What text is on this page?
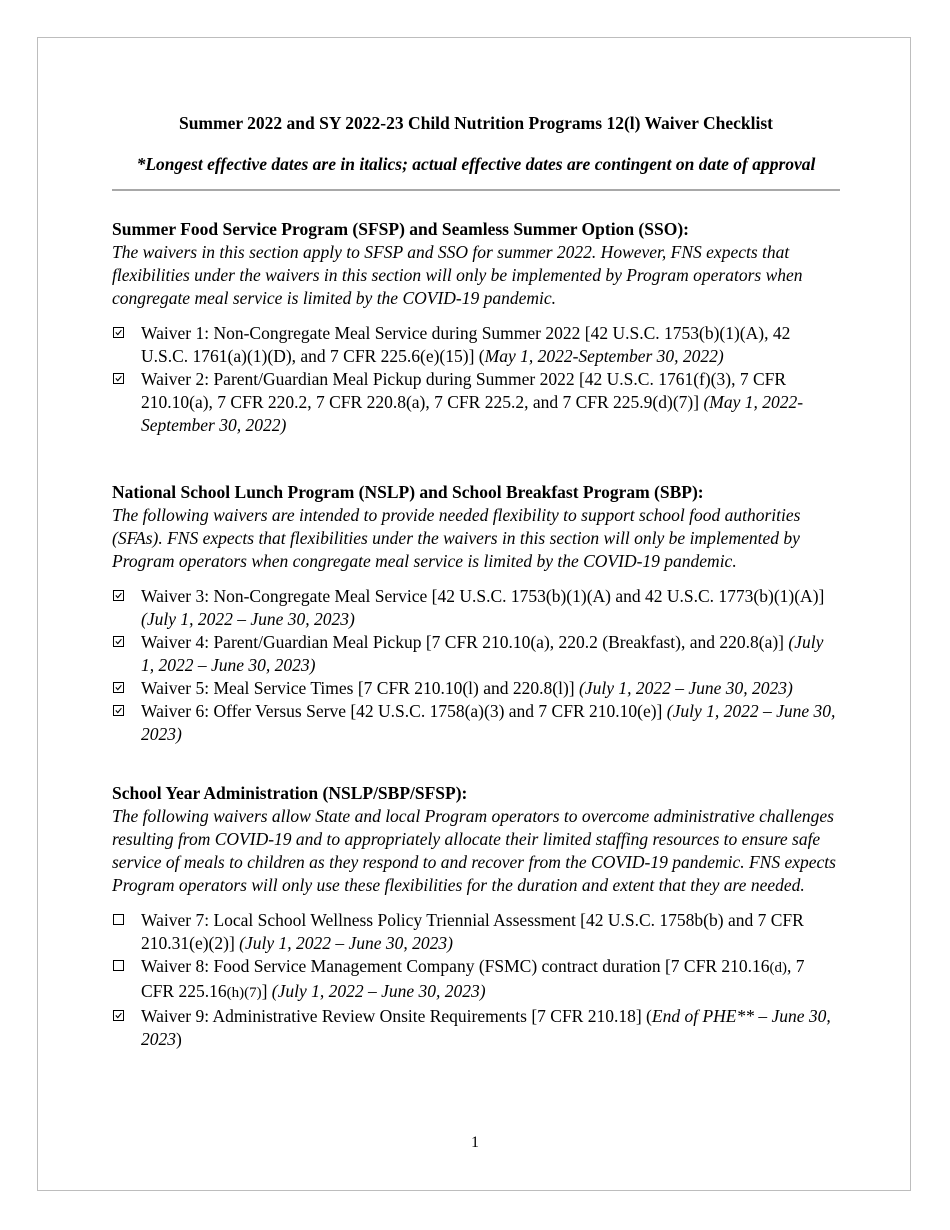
Summer 2022 and SY 2022-23 Child Nutrition Programs 12(l) Waiver Checklist

*Longest effective dates are in italics; actual effective dates are contingent on date of approval

Summer Food Service Program (SFSP) and Seamless Summer Option (SSO):

The waivers in this section apply to SFSP and SSO for summer 2022. However, FNS expects that flexibilities under the waivers in this section will only be implemented by Program operators when congregate meal service is limited by the COVID-19 pandemic.

Waiver 1: Non-Congregate Meal Service during Summer 2022 [42 U.S.C. 1753(b)(1)(A), 42 U.S.C. 1761(a)(1)(D), and 7 CFR 225.6(e)(15)] (May 1, 2022-September 30, 2022)
Waiver 2: Parent/Guardian Meal Pickup during Summer 2022 [42 U.S.C. 1761(f)(3), 7 CFR 210.10(a), 7 CFR 220.2, 7 CFR 220.8(a), 7 CFR 225.2, and 7 CFR 225.9(d)(7)] (May 1, 2022-September 30, 2022)
National School Lunch Program (NSLP) and School Breakfast Program (SBP):

The following waivers are intended to provide needed flexibility to support school food authorities (SFAs). FNS expects that flexibilities under the waivers in this section will only be implemented by Program operators when congregate meal service is limited by the COVID-19 pandemic.

Waiver 3: Non-Congregate Meal Service [42 U.S.C. 1753(b)(1)(A) and 42 U.S.C. 1773(b)(1)(A)] (July 1, 2022 – June 30, 2023)
Waiver 4: Parent/Guardian Meal Pickup [7 CFR 210.10(a), 220.2 (Breakfast), and 220.8(a)] (July 1, 2022 – June 30, 2023)
Waiver 5: Meal Service Times [7 CFR 210.10(l) and 220.8(l)] (July 1, 2022 – June 30, 2023)
Waiver 6: Offer Versus Serve [42 U.S.C. 1758(a)(3) and 7 CFR 210.10(e)] (July 1, 2022 – June 30, 2023)
School Year Administration (NSLP/SBP/SFSP):

The following waivers allow State and local Program operators to overcome administrative challenges resulting from COVID-19 and to appropriately allocate their limited staffing resources to ensure safe service of meals to children as they respond to and recover from the COVID-19 pandemic. FNS expects Program operators will only use these flexibilities for the duration and extent that they are needed.

Waiver 7: Local School Wellness Policy Triennial Assessment [42 U.S.C. 1758b(b) and 7 CFR 210.31(e)(2)] (July 1, 2022 – June 30, 2023)
Waiver 8: Food Service Management Company (FSMC) contract duration [7 CFR 210.16(d), 7 CFR 225.16(h)(7)] (July 1, 2022 – June 30, 2023)
Waiver 9: Administrative Review Onsite Requirements [7 CFR 210.18] (End of PHE** – June 30, 2023)
1
